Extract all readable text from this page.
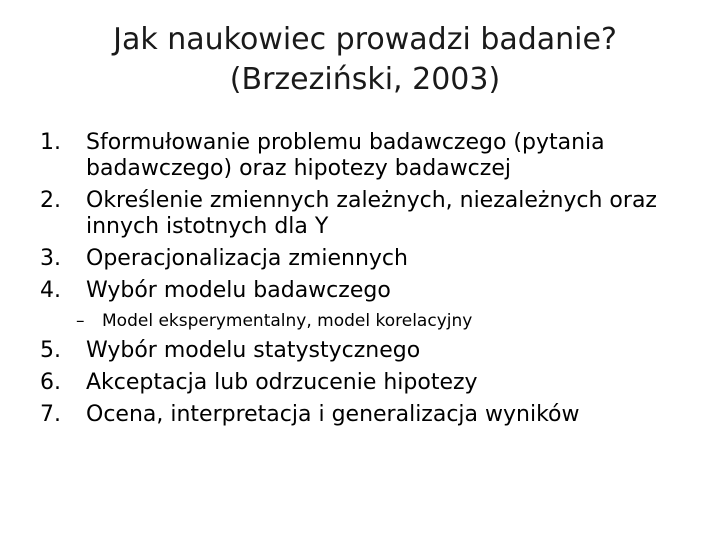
Jak naukowiec prowadzi badanie?
(Brzeziński, 2003)
1. Sformułowanie problemu badawczego (pytania badawczego) oraz hipotezy badawczej
2. Określenie zmiennych zależnych, niezależnych oraz innych istotnych dla Y
3. Operacjonalizacja zmiennych
4. Wybór modelu badawczego
– Model eksperymentalny, model korelacyjny
5. Wybór modelu statystycznego
6. Akceptacja lub odrzucenie hipotezy
7. Ocena, interpretacja i generalizacja wyników
